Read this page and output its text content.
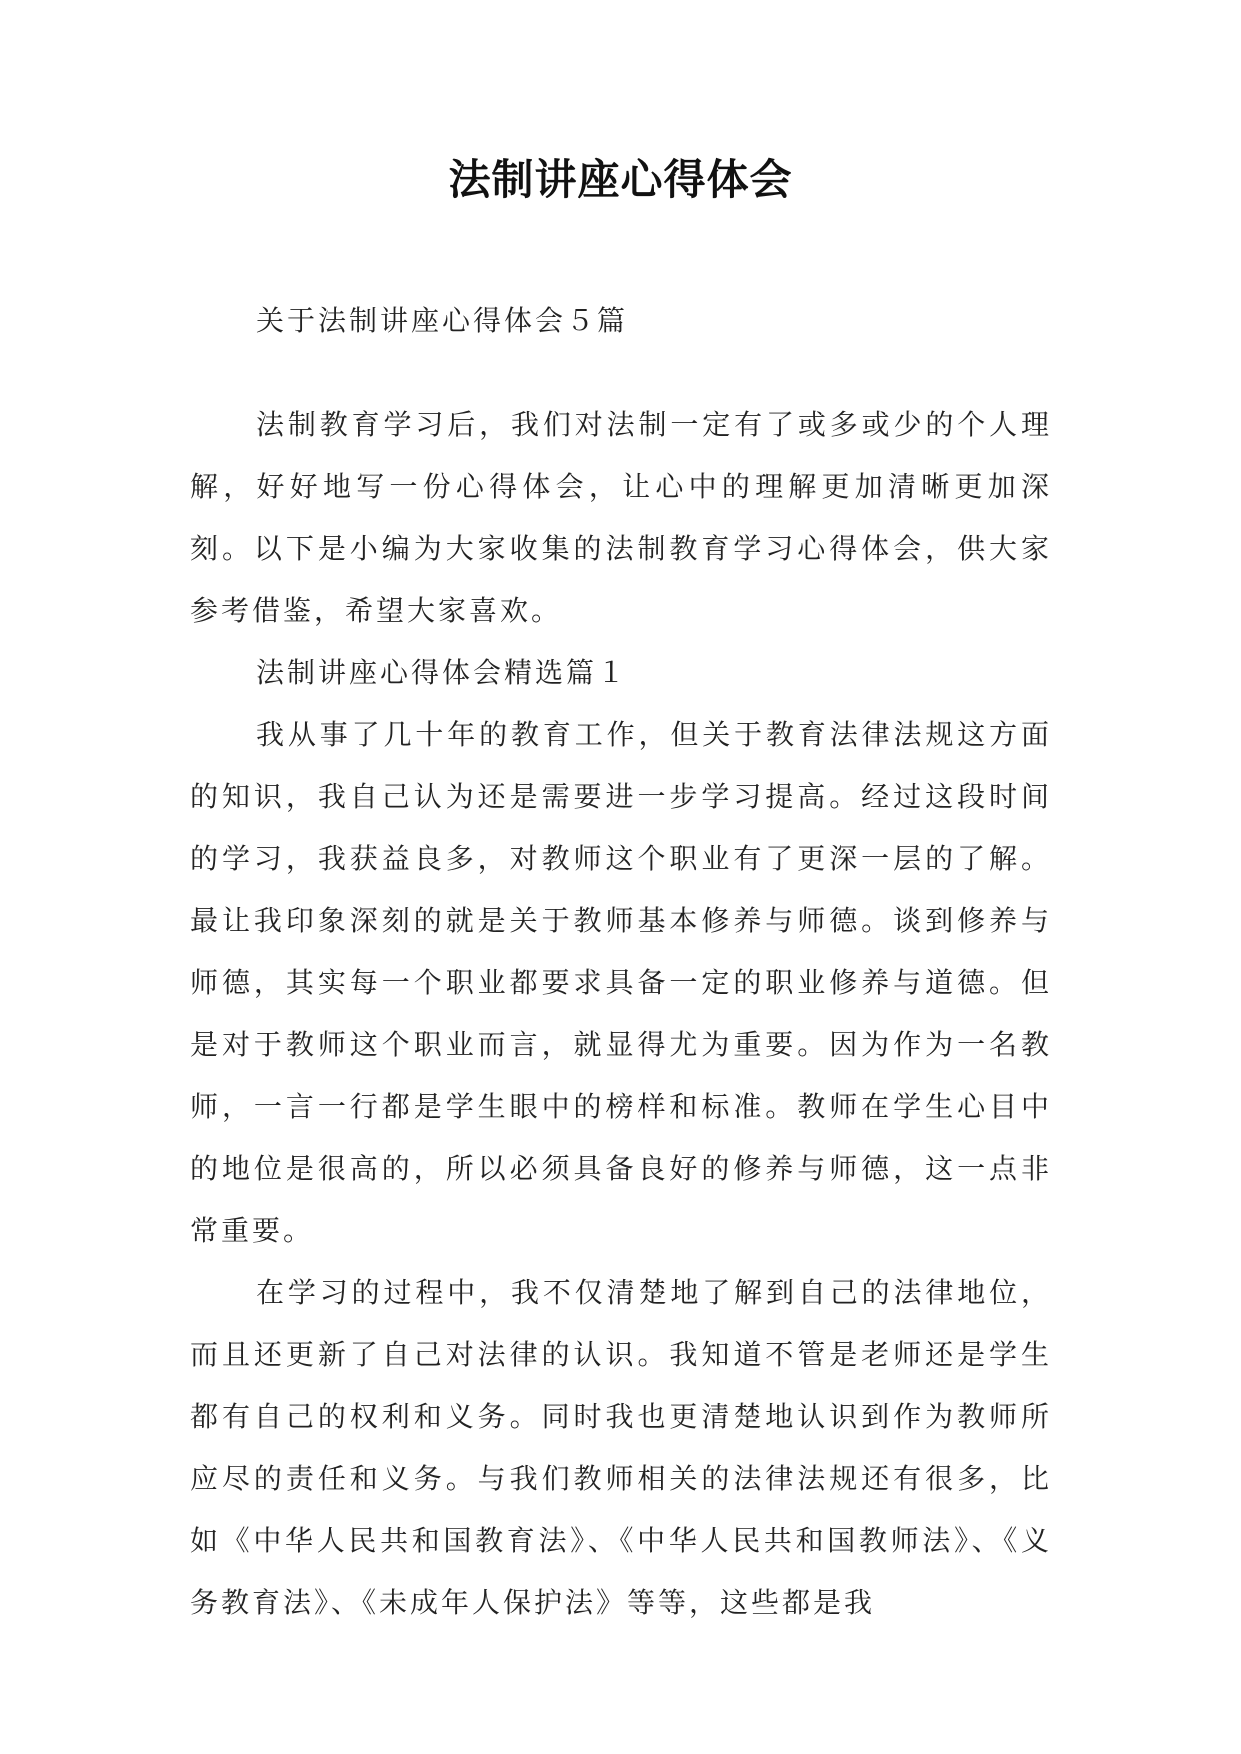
法制讲座心得体会

关于法制讲座心得体会５篇

法制教育学习后，我们对法制一定有了或多或少的个人理解，好好地写一份心得体会，让心中的理解更加清晰更加深刻。以下是小编为大家收集的法制教育学习心得体会，供大家参考借鉴，希望大家喜欢。

法制讲座心得体会精选篇１

我从事了几十年的教育工作，但关于教育法律法规这方面的知识，我自己认为还是需要进一步学习提高。经过这段时间的学习，我获益良多，对教师这个职业有了更深一层的了解。最让我印象深刻的就是关于教师基本修养与师德。谈到修养与师德，其实每一个职业都要求具备一定的职业修养与道德。但是对于教师这个职业而言，就显得尤为重要。因为作为一名教师，一言一行都是学生眼中的榜样和标准。教师在学生心目中的地位是很高的，所以必须具备良好的修养与师德，这一点非常重要。

在学习的过程中，我不仅清楚地了解到自己的法律地位，而且还更新了自己对法律的认识。我知道不管是老师还是学生都有自己的权利和义务。同时我也更清楚地认识到作为教师所应尽的责任和义务。与我们教师相关的法律法规还有很多，比如《中华人民共和国教育法》、《中华人民共和国教师法》、《义务教育法》、《未成年人保护法》等等，这些都是我
